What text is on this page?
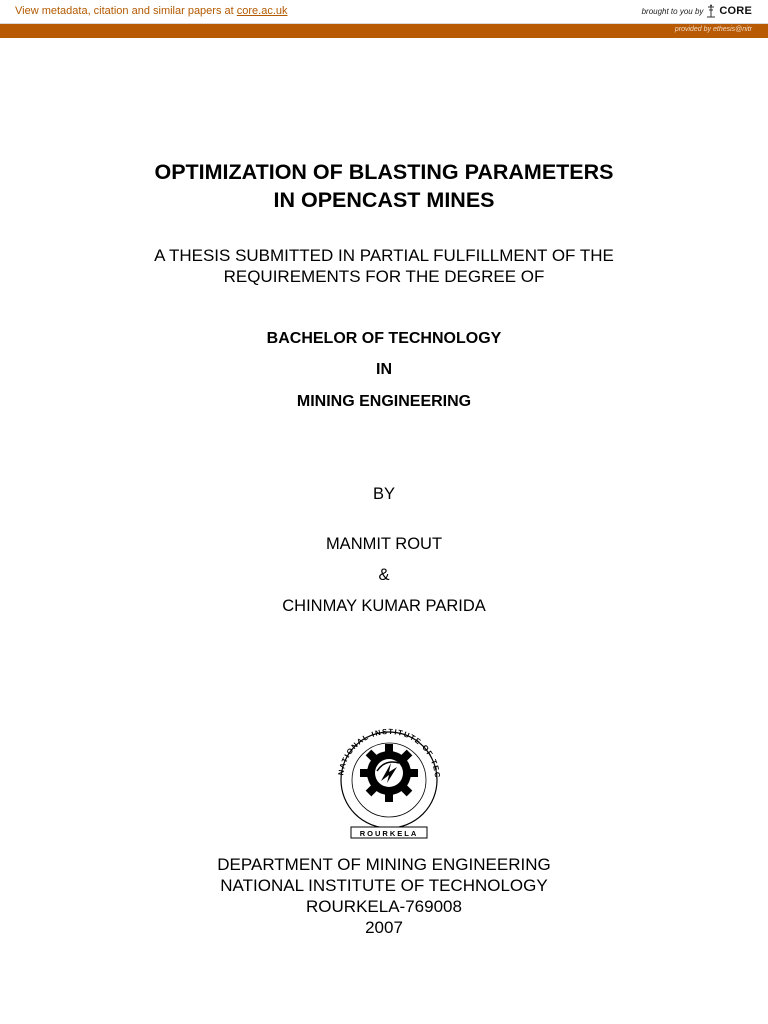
View metadata, citation and similar papers at core.ac.uk	brought to you by CORE
provided by ethesis@nitr
OPTIMIZATION OF BLASTING PARAMETERS
IN OPENCAST MINES
A THESIS SUBMITTED IN PARTIAL FULFILLMENT OF THE
REQUIREMENTS FOR THE DEGREE OF
BACHELOR OF TECHNOLOGY
IN
MINING ENGINEERING
BY
MANMIT ROUT
&
CHINMAY KUMAR PARIDA
NATIONAL INSTITUTE OF TEC
ROURKELA
DEPARTMENT OF MINING ENGINEERING
NATIONAL INSTITUTE OF TECHNOLOGY
ROURKELA-769008
2007
